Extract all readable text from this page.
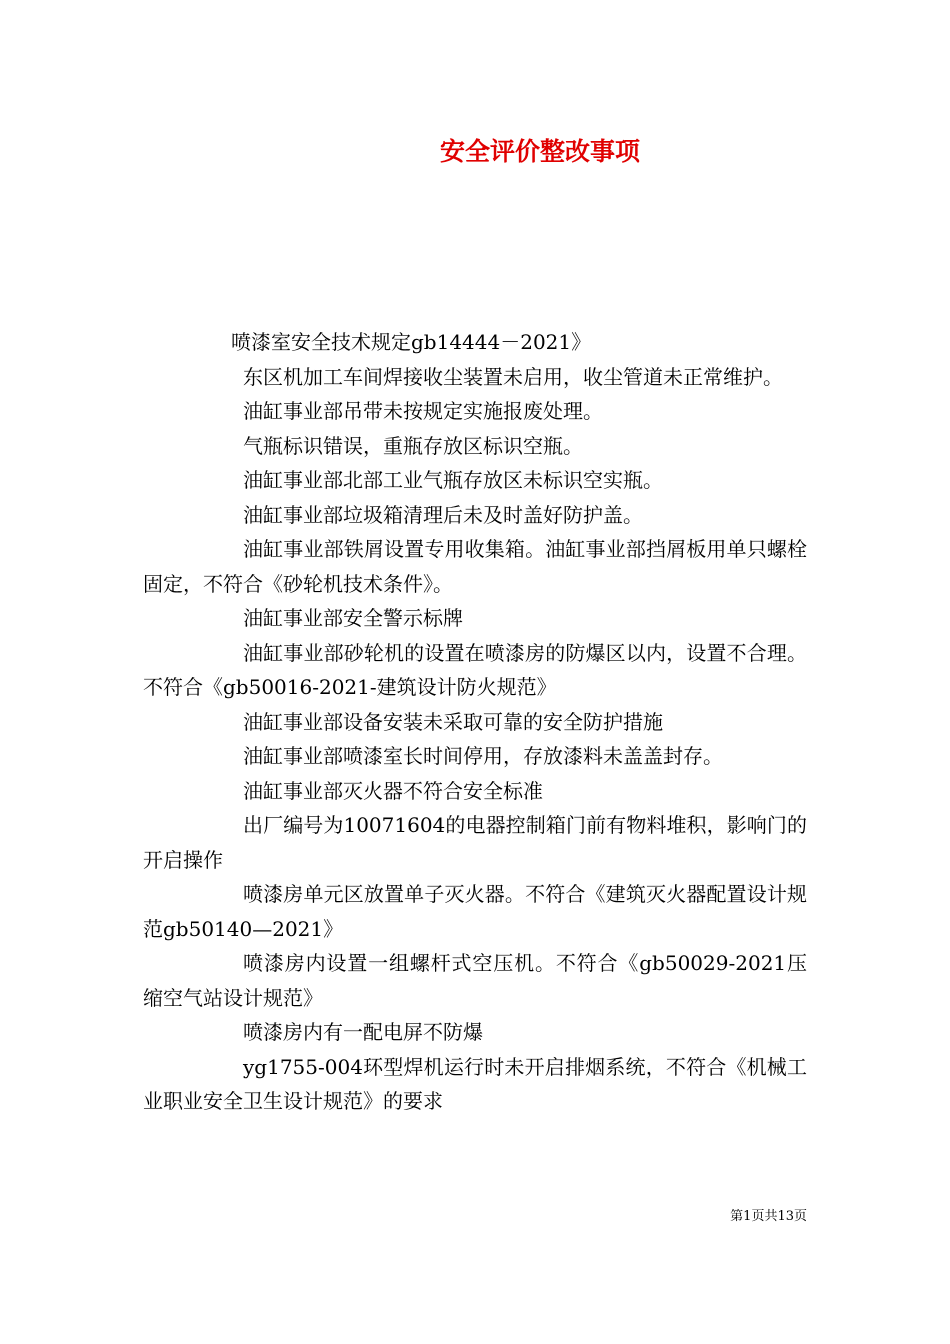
安全评价整改事项

喷漆室安全技术规定gb14444－2021》

东区机加工车间焊接收尘装置未启用，收尘管道未正常维护。

油缸事业部吊带未按规定实施报废处理。

气瓶标识错误，重瓶存放区标识空瓶。

油缸事业部北部工业气瓶存放区未标识空实瓶。

油缸事业部垃圾箱清理后未及时盖好防护盖。

油缸事业部铁屑设置专用收集箱。油缸事业部挡屑板用单只螺栓固定，不符合《砂轮机技术条件》。

油缸事业部安全警示标牌

油缸事业部砂轮机的设置在喷漆房的防爆区以内，设置不合理。不符合《gb50016-2021-建筑设计防火规范》

油缸事业部设备安装未采取可靠的安全防护措施

油缸事业部喷漆室长时间停用，存放漆料未盖盖封存。

油缸事业部灭火器不符合安全标准

出厂编号为10071604的电器控制箱门前有物料堆积，影响门的开启操作

喷漆房单元区放置单子灭火器。不符合《建筑灭火器配置设计规范gb50140—2021》

喷漆房内设置一组螺杆式空压机。不符合《gb50029-2021压缩空气站设计规范》

喷漆房内有一配电屏不防爆

yg1755-004环型焊机运行时未开启排烟系统，不符合《机械工业职业安全卫生设计规范》的要求

第1页共13页
